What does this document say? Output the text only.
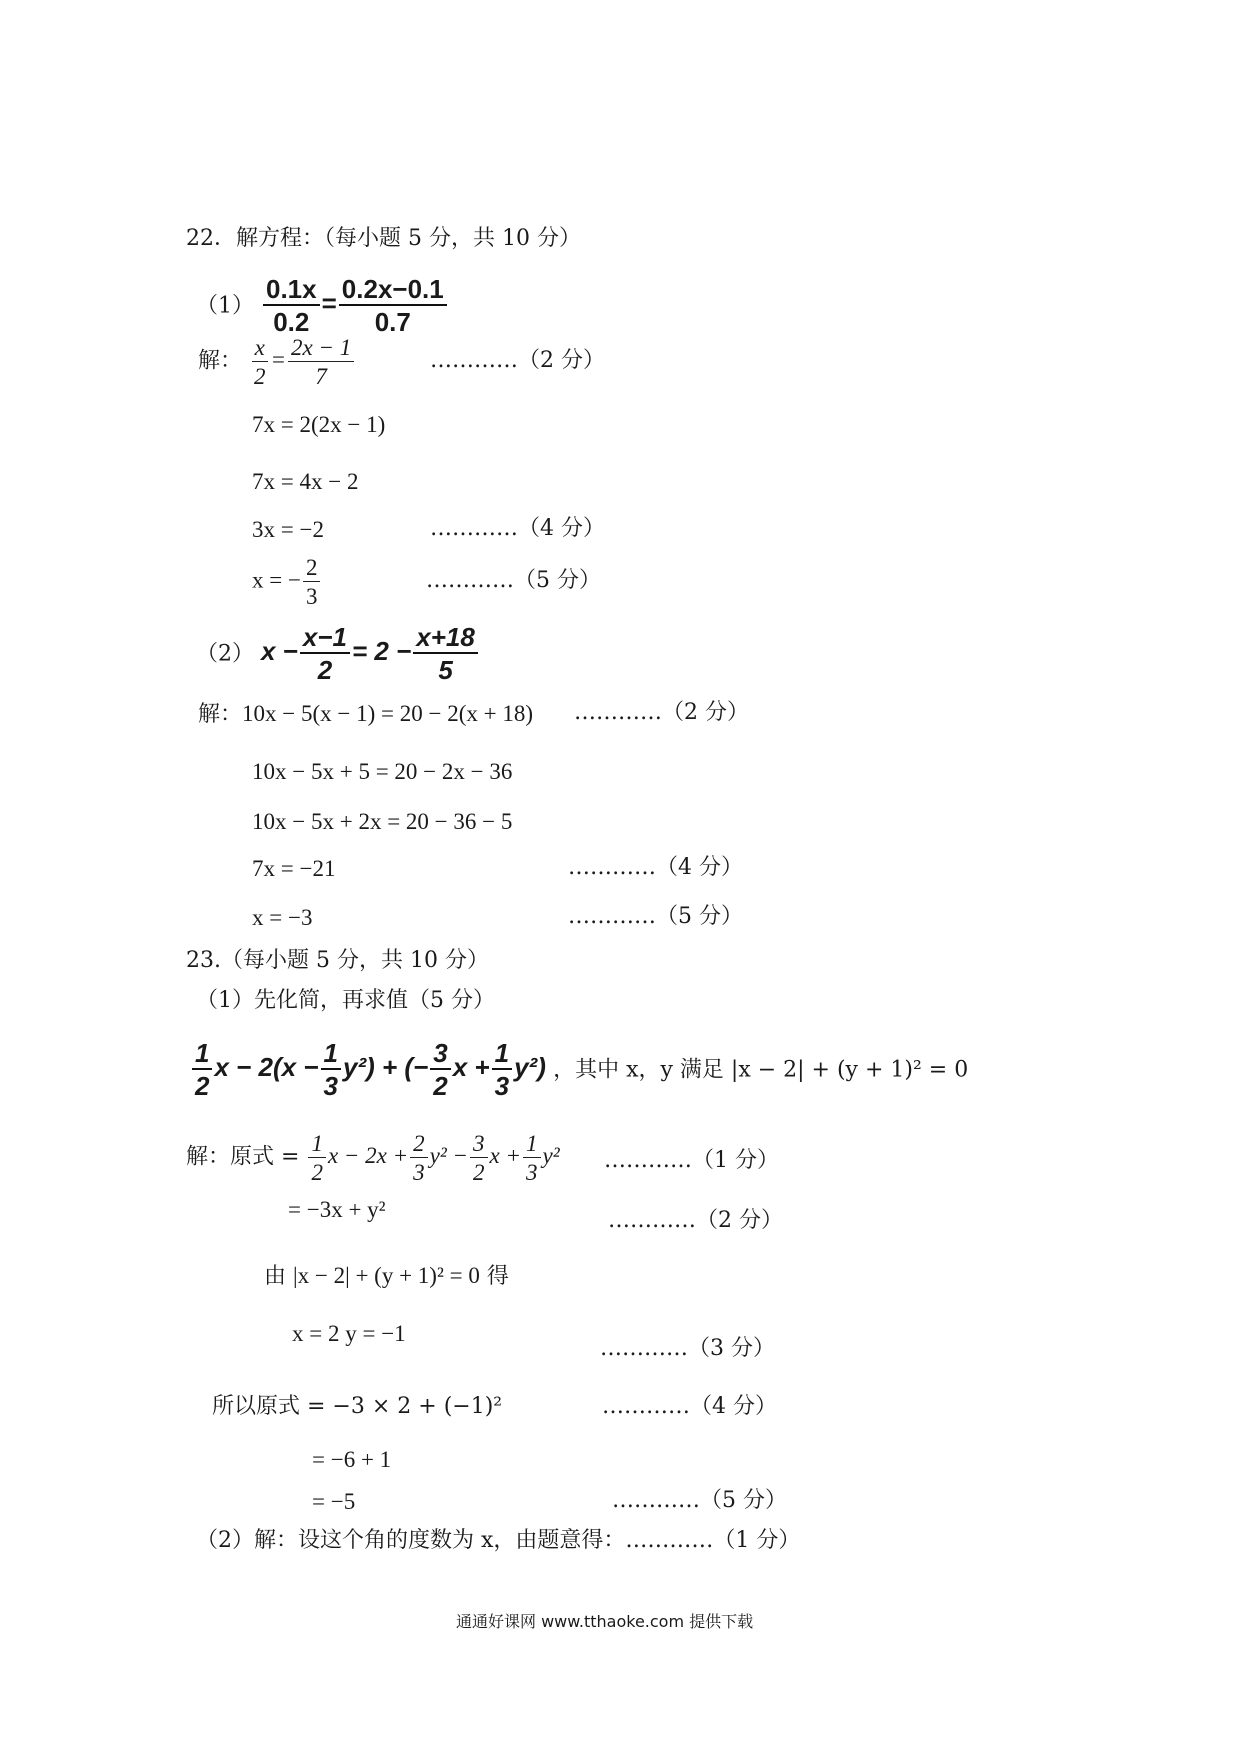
22．解方程：（每小题 5 分，共 10 分）
$(1) \frac{0.1x}{0.2} = \frac{0.2x-0.1}{0.7}$
解： $\frac{x}{2} = \frac{2x - 1}{7}$	…………（2 分）
7x = 2(2x − 1)
7x = 4x − 2
3x = −2	…………（4 分）
x = − $\frac{2}{3}$	…………（5 分）
（2） $x - \frac{x-1}{2} = 2 - \frac{x+18}{5}$
解：10x − 5(x − 1) = 20 − 2(x + 18) …………（2 分）
10x − 5x + 5 = 20 − 2x − 36
10x − 5x + 2x = 20 − 36 − 5
7x = −21	…………（4 分）
x = −3	…………（5 分）
23.（每小题 5 分，共 10 分）
（1）先化简，再求值（5 分）
$\frac{1}{2}$ $x - 2(x - \frac{1}{3} y^2)$ + (− $\frac{3}{2}$ $x + \frac{1}{3} y^2$) ，其中 x，y 满足 |x − 2| + (y + 1)² = 0
解：原式 = $\frac{1}{2}$ $x - 2x + \frac{2}{3} y^2 - \frac{3}{2}$ $x + \frac{1}{3} y^2$ …………（1 分）
= −3x + y²	…………（2 分）
由 |x − 2| + (y + 1)² = 0 得
x = 2 y = −1
…………（3 分）
所以原式 = −3 × 2 + (−1)²	…………（4 分）
= −6 + 1
= −5	…………（5 分）
（2）解：设这个角的度数为 x，由题意得：…………（1 分）
通通好课网 www.tthaoke.com 提供下载
